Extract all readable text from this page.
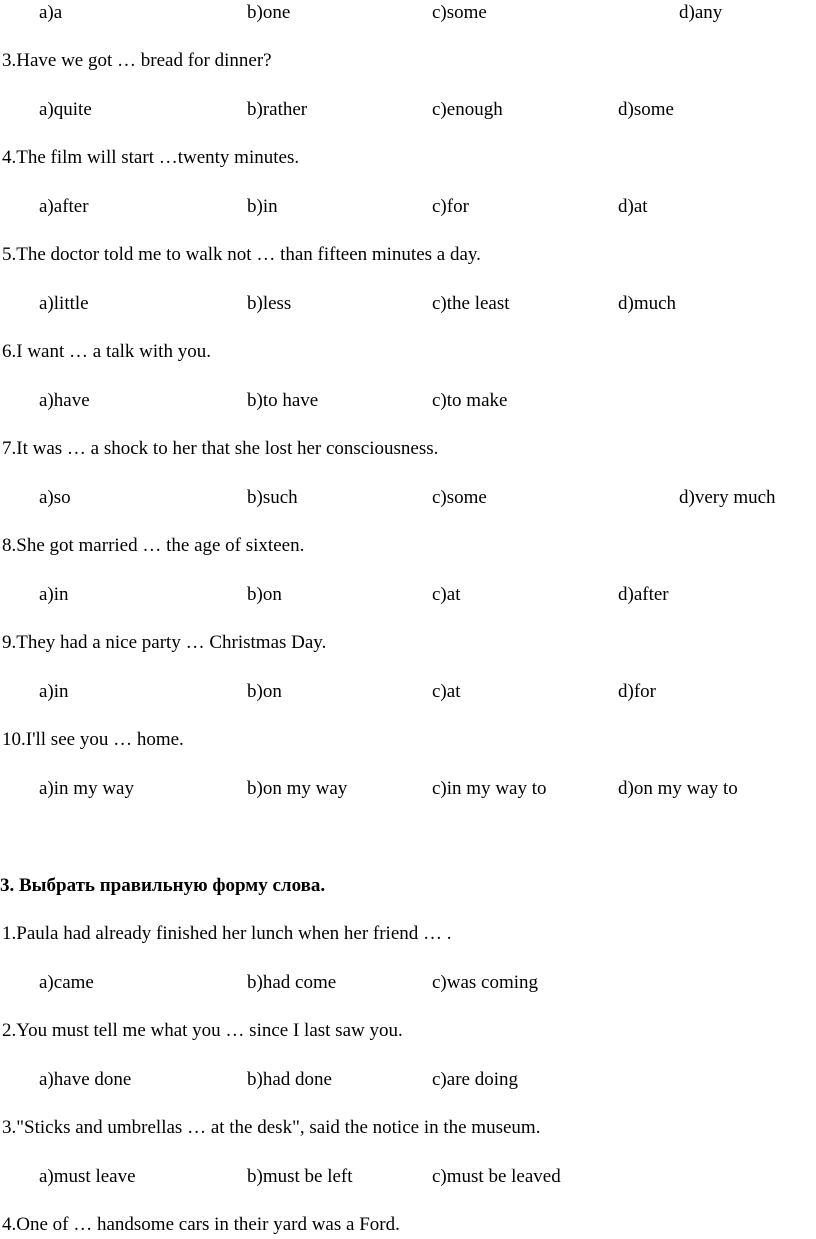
a)a	b)one	c)some	d)any
3.Have we got … bread for dinner?
a)quite	b)rather	c)enough	d)some
4.The film will start …twenty minutes.
a)after	b)in	c)for	d)at
5.The doctor told me to walk not … than fifteen minutes a day.
a)little	b)less	c)the least	d)much
6.I want … a talk with you.
a)have	b)to have	c)to make
7.It was … a shock to her that she lost her consciousness.
a)so	b)such	c)some	d)very much
8.She got married … the age of sixteen.
a)in	b)on	c)at	d)after
9.They had a nice party … Christmas Day.
a)in	b)on	c)at	d)for
10.I'll see you … home.
a)in my way	b)on my way	c)in my way to	d)on my way to
3. Выбрать правильную форму слова.
1.Paula had already finished her lunch when her friend … .
a)came	b)had come	c)was coming
2.You must tell me what you … since I last saw you.
a)have done	b)had done	c)are doing
3."Sticks and umbrellas … at the desk", said the notice in the museum.
a)must leave	b)must be left	c)must be leaved
4.One of … handsome cars in their yard was a Ford.
